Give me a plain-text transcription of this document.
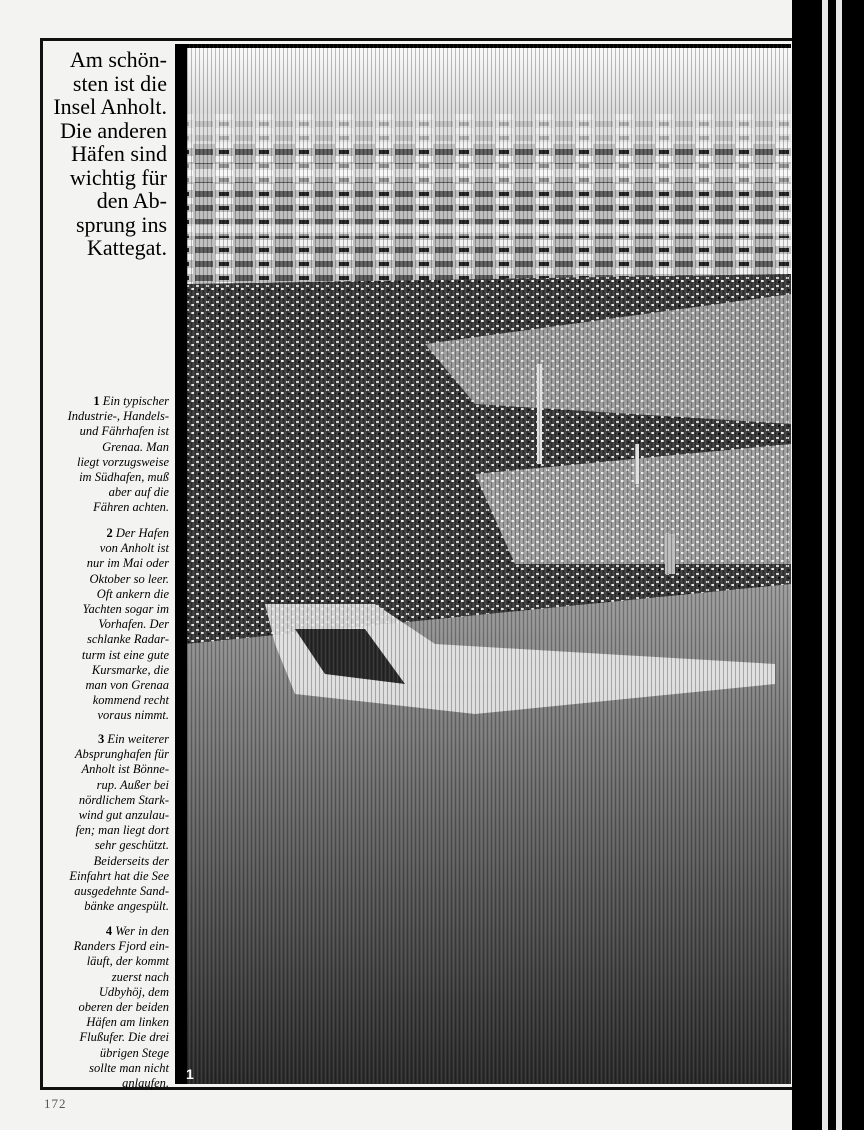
Am schön-
sten ist die
Insel Anholt.
Die anderen
Häfen sind
wichtig für
den Ab-
sprung ins
Kattegat.
1 Ein typischer
Industrie-, Handels-
und Fährhafen ist
Grenaa. Man
liegt vorzugsweise
im Südhafen, muß
aber auf die
Fähren achten.
2 Der Hafen
von Anholt ist
nur im Mai oder
Oktober so leer.
Oft ankern die
Yachten sogar im
Vorhafen. Der
schlanke Radar-
turm ist eine gute
Kursmarke, die
man von Grenaa
kommend recht
voraus nimmt.
3 Ein weiterer
Absprunghafen für
Anholt ist Bönne-
rup. Außer bei
nördlichem Stark-
wind gut anzulau-
fen; man liegt dort
sehr geschützt.
Beiderseits der
Einfahrt hat die See
ausgedehnte Sand-
bänke angespült.
4 Wer in den
Randers Fjord ein-
läuft, der kommt
zuerst nach
Udbyhöj, dem
oberen der beiden
Häfen am linken
Flußufer. Die drei
übrigen Stege
sollte man nicht
anlaufen.
1
172
